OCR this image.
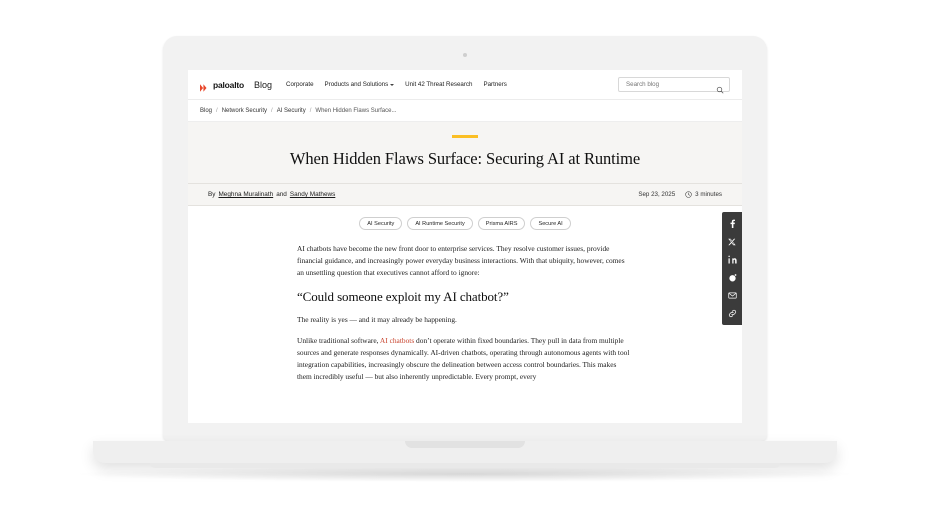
paloalto Blog Corporate Products and Solutions	Unit 42 Threat Research Partners
Search blog
Blog / Network Security / AI Security / When Hidden Flaws Surface...
When Hidden Flaws Surface: Securing AI at Runtime
By Meghna Muralinath and Sandy Mathews	Sep 23, 2025	3 minutes
AI Security	AI Runtime Security	Prisma AIRS	Secure AI

AI chatbots have become the new front door to enterprise services. They resolve customer issues, provide financial guidance, and increasingly power everyday business interactions. With that ubiquity, however, comes an unsettling question that executives cannot afford to ignore:

“Could someone exploit my AI chatbot?”

The reality is yes — and it may already be happening.

Unlike traditional software, AI chatbots don’t operate within fixed boundaries. They pull in data from multiple sources and generate responses dynamically. AI-driven chatbots, operating through autonomous agents with tool integration capabilities, increasingly obscure the delineation between access control boundaries. This makes them incredibly useful — but also inherently unpredictable. Every prompt, every
